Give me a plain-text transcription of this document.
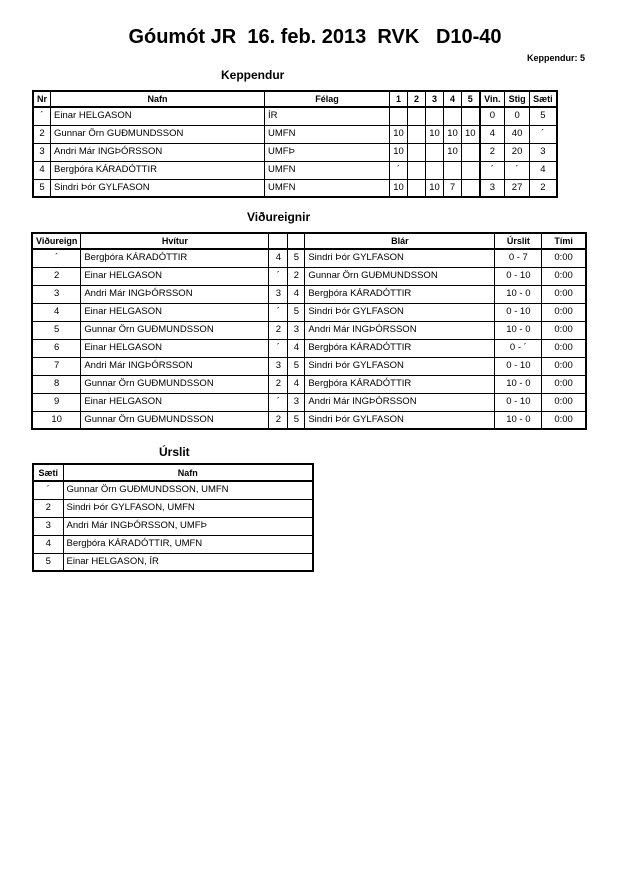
Góumót JR  16. feb. 2013  RVK   D10-40
Keppendur: 5
Keppendur
Nr	Nafn	Félag	1	2	3	4	5	Vin.	Stig	Sæti
´	Einar HELGASON	ÍR						0	0	5
2	Gunnar Örn GUÐMUNDSSON	UMFN	10		10	10	10	4	40	´
3	Andri Már INGÞÓRSSON	UMFÞ	10			10		2	20	3
4	Bergþóra KÁRADÓTTIR	UMFN	´					´	´	4
5	Sindri Þór GYLFASON	UMFN	10		10	7		3	27	2
Viðureignir
Viðureign	Hvítur			Blár	Úrslit	Tími
´	Bergþóra KÁRADÓTTIR	4	5	Sindri Þór GYLFASON	0 - 7	0:00
2	Einar HELGASON	´	2	Gunnar Örn GUÐMUNDSSON	0 - 10	0:00
3	Andri Már INGÞÓRSSON	3	4	Bergþóra KÁRADÓTTIR	10 - 0	0:00
4	Einar HELGASON	´	5	Sindri Þór GYLFASON	0 - 10	0:00
5	Gunnar Örn GUÐMUNDSSON	2	3	Andri Már INGÞÓRSSON	10 - 0	0:00
6	Einar HELGASON	´	4	Bergþóra KÁRADÓTTIR	0 - ´	0:00
7	Andri Már INGÞÓRSSON	3	5	Sindri Þór GYLFASON	0 - 10	0:00
8	Gunnar Örn GUÐMUNDSSON	2	4	Bergþóra KÁRADÓTTIR	10 - 0	0:00
9	Einar HELGASON	´	3	Andri Már INGÞÓRSSON	0 - 10	0:00
10	Gunnar Örn GUÐMUNDSSON	2	5	Sindri Þór GYLFASON	10 - 0	0:00
Úrslit
Sæti	Nafn
´	Gunnar Örn GUÐMUNDSSON, UMFN
2	Sindri Þór GYLFASON, UMFN
3	Andri Már INGÞÓRSSON, UMFÞ
4	Bergþóra KÁRADÓTTIR, UMFN
5	Einar HELGASON, ÍR
